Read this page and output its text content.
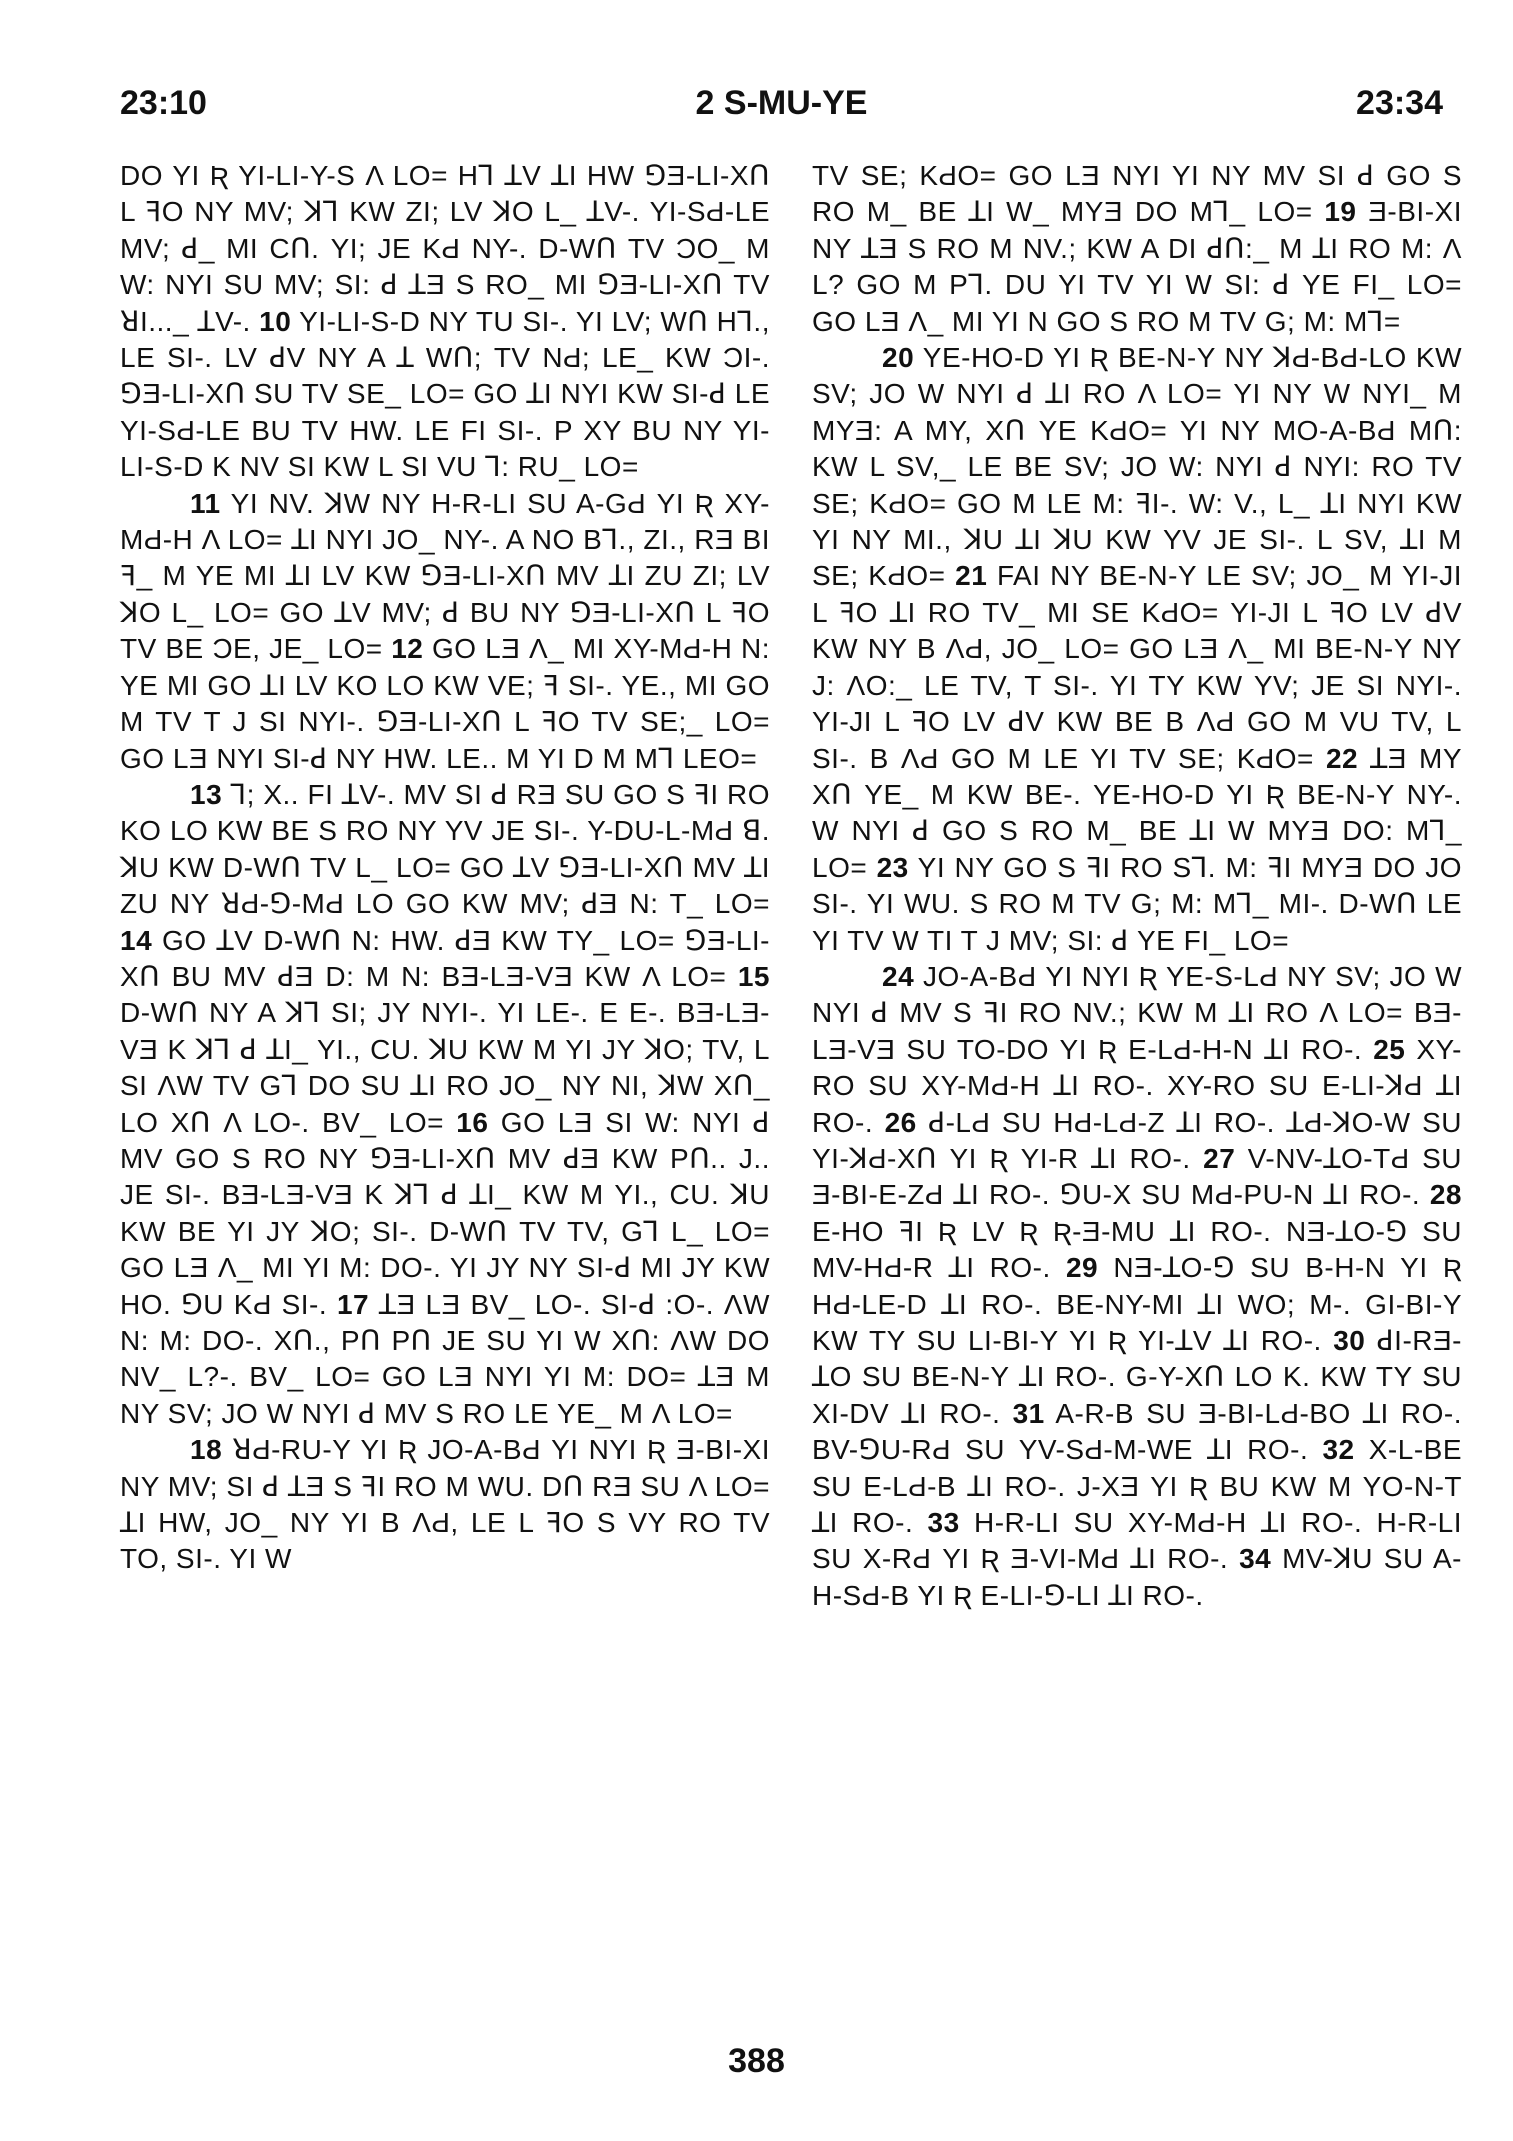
23:10	2 S-MU-YE	23:34

DO YI Ʀ YI-LI-Y-S Λ LO= Hꓶ ꓕV ꓕI HW ꓨƎ-LI-XՈ L ꟻO NY MV; ꓘꓶ KW ZI; LV ꓘO L_ ꓕV-. YI-SԀ-LE MV; ꓒ_ MI CՈ. YI; JE KԀ NY-. D-WՈ TV ƆO_ M W: NYI SU MV; SI: ꓒ ꓕƎ S RO_ MI ꓨƎ-LI-XՈ TV ꓤI..._ ꓕV-. 10 YI-LI-S-D NY TU SI-. YI LV; WՈ Hꓶ., LE SI-. LV ꓒV NY A ꓕ WՈ; TV NԀ; LE_ KW ƆI-. ꓨƎ-LI-XՈ SU TV SE_ LO= GO ꓕI NYI KW SI-ꓒ LE YI-SԀ-LE BU TV HW. LE FI SI-. P XY BU NY YI-LI-S-D K NV SI KW L SI VU ꓶ: RU_ LO=

11 YI NV. ꓘW NY H-R-LI SU A-GԀ YI Ʀ XY-MԀ-H Λ LO= ꓕI NYI JO_ NY-. A NO Bꓶ., ZI., RƎ BI ꟻ_ M YE MI ꓕI LV KW ꓨƎ-LI-XՈ MV ꓕI ZU ZI; LV ꓘO L_ LO= GO ꓕV MV; ꓒ BU NY ꓨƎ-LI-XՈ L ꟻO TV BE ƆE, JE_ LO= 12 GO LƎ Λ_ MI XY-MԀ-H N: YE MI GO ꓕI LV KO LO KW VE; ꟻ SI-. YE., MI GO M TV T J SI NYI-. ꓨƎ-LI-XՈ L ꟻO TV SE;_ LO= GO LƎ NYI SI-ꓒ NY HW. LE.. M YI D M Mꓶ LEO=

13 ꓶ; X.. FI ꓕV-. MV SI ꓒ RƎ SU GO S ꟻI RO KO LO KW BE S RO NY YV JE SI-. Y-DU-L-MԀ ꓭ. ꓘU KW D-WՈ TV L_ LO= GO ꓕV ꓨƎ-LI-XՈ MV ꓕI ZU NY ꓤԀ-ꓨ-MԀ LO GO KW MV; ꓒƎ N: T_ LO= 14 GO ꓕV D-WՈ N: HW. ꓒƎ KW TY_ LO= ꓨƎ-LI-XՈ BU MV ꓒƎ D: M N: BƎ-LƎ-VƎ KW Λ LO= 15 D-WՈ NY A ꓘꓶ SI; JY NYI-. YI LE-. E E-. BƎ-LƎ-VƎ K ꓘꓶ ꓒ ꓕI_ YI., CU. ꓘU KW M YI JY ꓘO; TV, L SI ΛW TV Gꓶ DO SU ꓕI RO JO_ NY NI, ꓘW XՈ_ LO XՈ Λ LO-. BV_ LO= 16 GO LƎ SI W: NYI ꓒ MV GO S RO NY ꓨƎ-LI-XՈ MV ꓒƎ KW PՈ.. J.. JE SI-. BƎ-LƎ-VƎ K ꓘꓶ ꓒ ꓕI_ KW M YI., CU. ꓘU KW BE YI JY ꓘO; SI-. D-WՈ TV TV, Gꓶ L_ LO= GO LƎ Λ_ MI YI M: DO-. YI JY NY SI-ꓒ MI JY KW HO. ꓨU KԀ SI-. 17 ꓕƎ LƎ BV_ LO-. SI-ꓒ :O-. ΛW N: M: DO-. XՈ., PՈ PՈ JE SU YI W XՈ: ΛW DO NV_ L?-. BV_ LO= GO LƎ NYI YI M: DO= ꓕƎ M NY SV; JO W NYI ꓒ MV S RO LE YE_ M Λ LO=

18 ꓤԀ-RU-Y YI Ʀ JO-A-BԀ YI NYI Ʀ Ǝ-BI-XI NY MV; SI ꓒ ꓕƎ S ꟻI RO M WU. DՈ RƎ SU Λ LO= ꓕI HW, JO_ NY YI B ΛԀ, LE L ꟻO S VY RO TV TO, SI-. YI W

TV SE; KԀO= GO LƎ NYI YI NY MV SI ꓒ GO S RO M_ BE ꓕI W_ MYƎ DO Mꓶ_ LO= 19 Ǝ-BI-XI NY ꓕƎ S RO M NV.; KW A DI ꓒՈ:_ M ꓕI RO M: Λ L? GO M Pꓶ. DU YI TV YI W SI: ꓒ YE FI_ LO= GO LƎ Λ_ MI YI N GO S RO M TV G; M: Mꓶ=

20 YE-HO-D YI Ʀ BE-N-Y NY ꓘԀ-BԀ-LO KW SV; JO W NYI ꓒ ꓕI RO Λ LO= YI NY W NYI_ M MYƎ: A MY, XՈ YE KԀO= YI NY MO-A-BԀ MՈ: KW L SV,_ LE BE SV; JO W: NYI ꓒ NYI: RO TV SE; KԀO= GO M LE M: ꟻI-. W: V., L_ ꓕI NYI KW YI NY MI., ꓘU ꓕI ꓘU KW YV JE SI-. L SV, ꓕI M SE; KԀO= 21 FAI NY BE-N-Y LE SV; JO_ M YI-JI L ꟻO ꓕI RO TV_ MI SE KԀO= YI-JI L ꟻO LV ꓒV KW NY B ΛԀ, JO_ LO= GO LƎ Λ_ MI BE-N-Y NY J: ΛO:_ LE TV, T SI-. YI TY KW YV; JE SI NYI-. YI-JI L ꟻO LV ꓒV KW BE B ΛԀ GO M VU TV, L SI-. B ΛԀ GO M LE YI TV SE; KԀO= 22 ꓕƎ MY XՈ YE_ M KW BE-. YE-HO-D YI Ʀ BE-N-Y NY-. W NYI ꓒ GO S RO M_ BE ꓕI W MYƎ DO: Mꓶ_ LO= 23 YI NY GO S ꟻI RO Sꓶ. M: ꟻI MYƎ DO JO SI-. YI WU. S RO M TV G; M: Mꓶ_ MI-. D-WՈ LE YI TV W TI T J MV; SI: ꓒ YE FI_ LO=

24 JO-A-BԀ YI NYI Ʀ YE-S-LԀ NY SV; JO W NYI ꓒ MV S ꟻI RO NV.; KW M ꓕI RO Λ LO= BƎ-LƎ-VƎ SU TO-DO YI Ʀ E-LԀ-H-N ꓕI RO-. 25 XY-RO SU XY-MԀ-H ꓕI RO-. XY-RO SU E-LI-ꓘԀ ꓕI RO-. 26 ꓒ-LԀ SU HԀ-LԀ-Z ꓕI RO-. ꓕԀ-ꓘO-W SU YI-ꓘԀ-XՈ YI Ʀ YI-R ꓕI RO-. 27 V-NV-ꓕO-TԀ SU Ǝ-BI-E-ZԀ ꓕI RO-. ꓨU-X SU MԀ-PU-N ꓕI RO-. 28 E-HO ꟻI Ʀ LV Ʀ Ʀ-Ǝ-MU ꓕI RO-. NƎ-ꓕO-ꓨ SU MV-HԀ-R ꓕI RO-. 29 NƎ-ꓕO-ꓨ SU B-H-N YI Ʀ HԀ-LE-D ꓕI RO-. BE-NY-MI ꓕI WO; M-. GI-BI-Y KW TY SU LI-BI-Y YI Ʀ YI-ꓕV ꓕI RO-. 30 ꓒI-RƎ-ꓕO SU BE-N-Y ꓕI RO-. G-Y-XՈ LO K. KW TY SU XI-DV ꓕI RO-. 31 A-R-B SU Ǝ-BI-LԀ-BO ꓕI RO-. BV-ꓨU-RԀ SU YV-SԀ-M-WE ꓕI RO-. 32 X-L-BE SU E-LԀ-B ꓕI RO-. J-XƎ YI Ʀ BU KW M YO-N-T ꓕI RO-. 33 H-R-LI SU XY-MԀ-H ꓕI RO-. H-R-LI SU X-RԀ YI Ʀ Ǝ-VI-MԀ ꓕI RO-. 34 MV-ꓘU SU A-H-SԀ-B YI Ʀ E-LI-ꓨ-LI ꓕI RO-.

388
